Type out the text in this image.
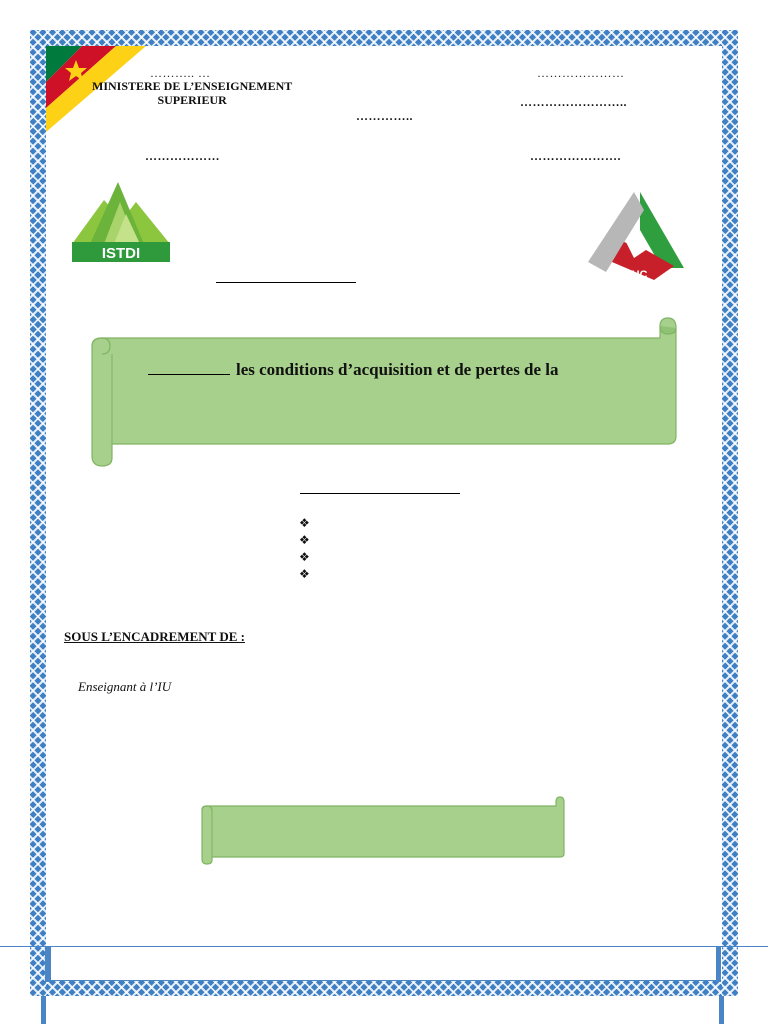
……….. …
MINISTERE DE L’ENSEIGNEMENT
SUPERIEUR
…………………
……………………..
…………..
………………	………………….
ISTDI
IUC
les conditions d’acquisition et de pertes de la
❖
❖
❖
❖
SOUS L’ENCADREMENT DE :
Enseignant à l’IU
